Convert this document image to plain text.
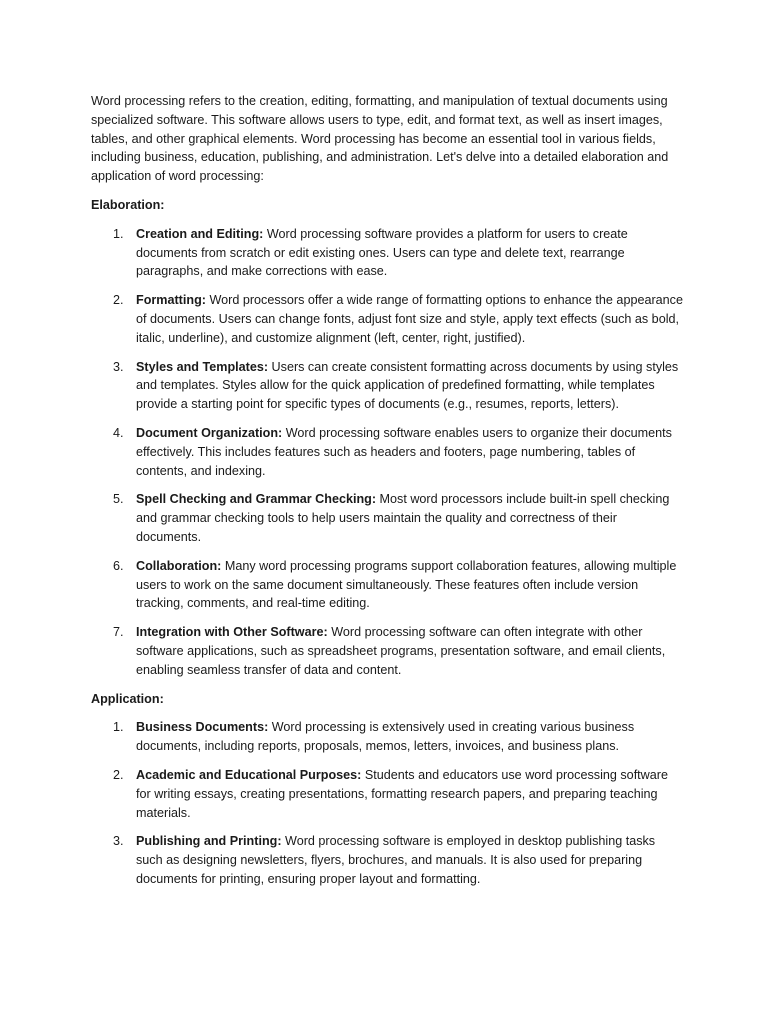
Word processing refers to the creation, editing, formatting, and manipulation of textual documents using specialized software. This software allows users to type, edit, and format text, as well as insert images, tables, and other graphical elements. Word processing has become an essential tool in various fields, including business, education, publishing, and administration. Let's delve into a detailed elaboration and application of word processing:

Elaboration:

1. Creation and Editing: Word processing software provides a platform for users to create documents from scratch or edit existing ones. Users can type and delete text, rearrange paragraphs, and make corrections with ease.
2. Formatting: Word processors offer a wide range of formatting options to enhance the appearance of documents. Users can change fonts, adjust font size and style, apply text effects (such as bold, italic, underline), and customize alignment (left, center, right, justified).
3. Styles and Templates: Users can create consistent formatting across documents by using styles and templates. Styles allow for the quick application of predefined formatting, while templates provide a starting point for specific types of documents (e.g., resumes, reports, letters).
4. Document Organization: Word processing software enables users to organize their documents effectively. This includes features such as headers and footers, page numbering, tables of contents, and indexing.
5. Spell Checking and Grammar Checking: Most word processors include built-in spell checking and grammar checking tools to help users maintain the quality and correctness of their documents.
6. Collaboration: Many word processing programs support collaboration features, allowing multiple users to work on the same document simultaneously. These features often include version tracking, comments, and real-time editing.
7. Integration with Other Software: Word processing software can often integrate with other software applications, such as spreadsheet programs, presentation software, and email clients, enabling seamless transfer of data and content.

Application:

1. Business Documents: Word processing is extensively used in creating various business documents, including reports, proposals, memos, letters, invoices, and business plans.
2. Academic and Educational Purposes: Students and educators use word processing software for writing essays, creating presentations, formatting research papers, and preparing teaching materials.
3. Publishing and Printing: Word processing software is employed in desktop publishing tasks such as designing newsletters, flyers, brochures, and manuals. It is also used for preparing documents for printing, ensuring proper layout and formatting.
